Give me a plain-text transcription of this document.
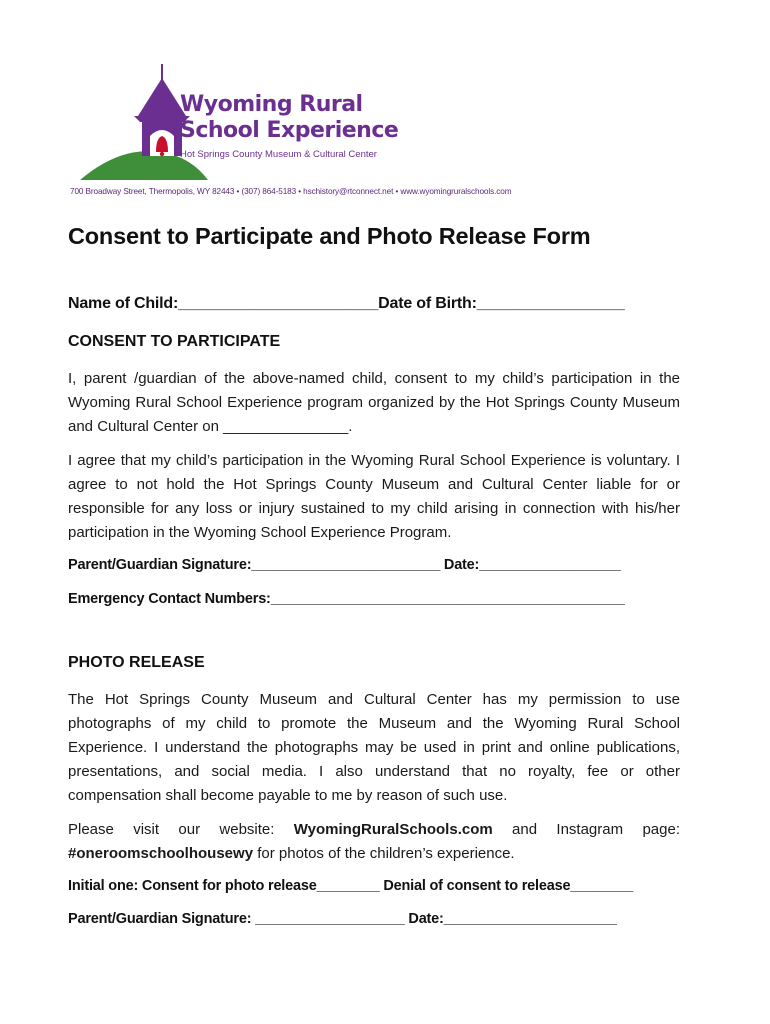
Wyoming Rural
School Experience
Hot Springs County Museum & Cultural Center
700 Broadway Street, Thermopolis, WY 82443 • (307) 864-5183 • hschistory@rtconnect.net • www.wyomingruralschools.com
Consent to Participate and Photo Release Form
Name of Child:_______________________Date of Birth:_________________
CONSENT TO PARTICIPATE

I, parent /guardian of the above-named child, consent to my child’s participation in the Wyoming Rural School Experience program organized by the Hot Springs County Museum and Cultural Center on _______________.

I agree that my child’s participation in the Wyoming Rural School Experience is voluntary. I agree to not hold the Hot Springs County Museum and Cultural Center liable for or responsible for any loss or injury sustained to my child arising in connection with his/her participation in the Wyoming School Experience Program.

Parent/Guardian Signature:________________________ Date:__________________
Emergency Contact Numbers:_____________________________________________
PHOTO RELEASE

The Hot Springs County Museum and Cultural Center has my permission to use photographs of my child to promote the Museum and the Wyoming Rural School Experience. I understand the photographs may be used in print and online publications, presentations, and social media. I also understand that no royalty, fee or other compensation shall become payable to me by reason of such use.

Please visit our website: WyomingRuralSchools.com and Instagram page: #oneroomschoolhousewy for photos of the children’s experience.

Initial one: Consent for photo release________ Denial of consent to release________
Parent/Guardian Signature: ___________________ Date:______________________
